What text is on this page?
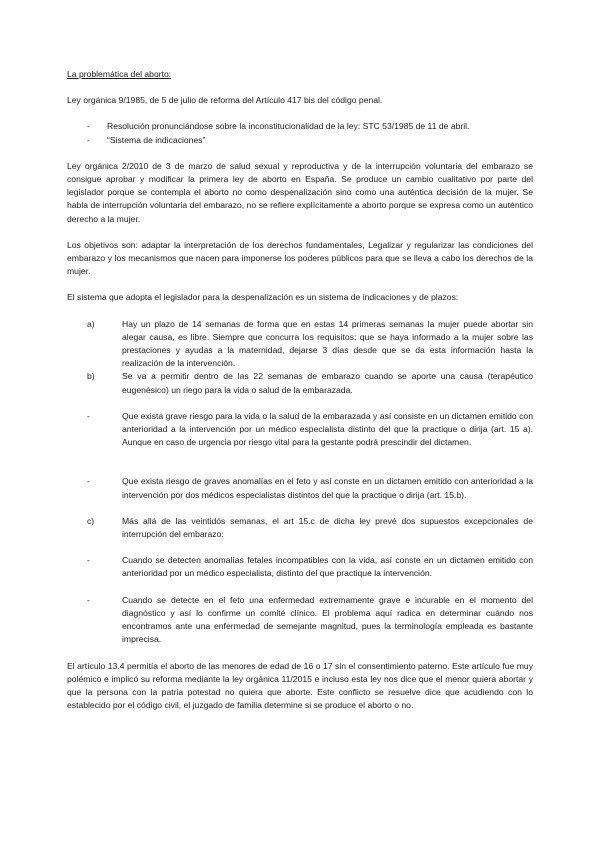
La problemática del aborto:

Ley orgánica 9/1985, de 5 de julio de reforma del Artículo 417 bis del código penal.

-	Resolución pronunciándose sobre la inconstitucionalidad de la ley: STC 53/1985 de 11 de abril.
-	“Sistema de indicaciones”

Ley orgánica 2/2010 de 3 de marzo de salud sexual y reproductiva y de la interrupción voluntaria del embarazo se consigue aprobar y modificar la primera ley de aborto en España. Se produce un cambio cualitativo por parte del legislador porque se contempla el aborto no como despenalización sino como una auténtica decisión de la mujer. Se habla de interrupción voluntaria del embarazo, no se refiere explícitamente a aborto porque se expresa como un auténtico derecho a la mujer.

Los objetivos son: adaptar la interpretación de los derechos fundamentales, Legalizar y regularizar las condiciones del embarazo y los mecanismos que nacen para imponerse los poderes públicos para que se lleva a cabo los derechos de la mujer.

El sistema que adopta el legislador para la despenalización es un sistema de indicaciones y de plazos:

a)	Hay un plazo de 14 semanas de forma que en estas 14 primeras semanas la mujer puede abortar sin alegar causa, es libre. Siempre que concurra los requisitos: que se haya informado a la mujer sobre las prestaciones y ayudas a la maternidad, dejarse 3 días desde que se da esta información hasta la realización de la intervención.
b)	Se va a permitir dentro de las 22 semanas de embarazo cuando se aporte una causa (terapéutico eugenésico) un riego para la vida o salud de la embarazada.
-	Que exista grave riesgo para la vida o la salud de la embarazada y así consiste en un dictamen emitido con anterioridad a la intervención por un médico especialista distinto del que la practique o dirija (art. 15 a). Aunque en caso de urgencia por riesgo vital para la gestante podrá prescindir del dictamen.
-	Que exista riesgo de graves anomalías en el feto y así conste en un dictamen emitido con anterioridad a la intervención por dos médicos especialistas distintos del que la practique o dirija (art. 15.b).
c)	Más allá de las veintidós semanas, el art 15.c de dicha ley prevé dos supuestos excepcionales de interrupción del embarazo:
-	Cuando se detecten anomalías fetales incompatibles con la vida, así conste en un dictamen emitido con anterioridad por un médico especialista, distinto del que practique la intervención.
-	Cuando se detecte en el feto una enfermedad extremamente grave e incurable en el momento del diagnóstico y así lo confirme un comité clínico. El problema aquí radica en determinar cuándo nos encontramos ante una enfermedad de semejante magnitud, pues la terminología empleada es bastante imprecisa.

El artículo 13.4 permitía el aborto de las menores de edad de 16 o 17 sin el consentimiento paterno. Este artículo fue muy polémico e implicó su reforma mediante la ley orgánica 11/2015 e incluso esta ley nos dice que el menor quiera abortar y que la persona con la patria potestad no quiera que aborte. Este conflicto se resuelve dice que acudiendo con lo establecido por el código civil, el juzgado de familia determine si se produce el aborto o no.
